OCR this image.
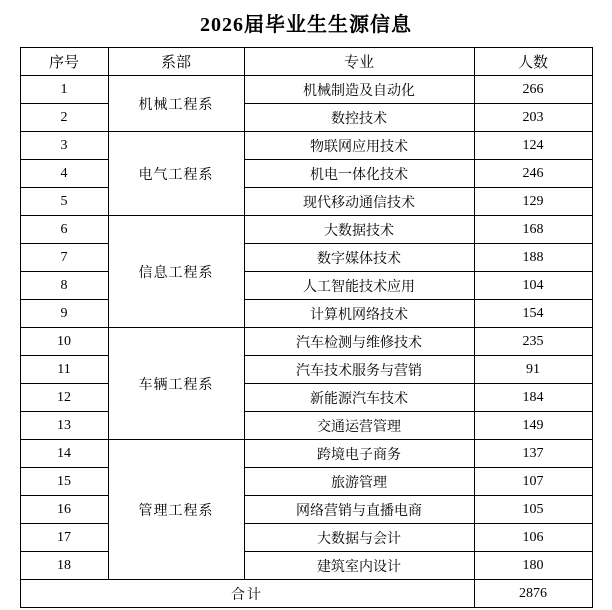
2026届毕业生生源信息
序号	系部	专业	人数
1	机械工程系	机械制造及自动化	266
2		数控技术	203
3	电气工程系	物联网应用技术	124
4		机电一体化技术	246
5		现代移动通信技术	129
6	信息工程系	大数据技术	168
7		数字媒体技术	188
8		人工智能技术应用	104
9		计算机网络技术	154
10	车辆工程系	汽车检测与维修技术	235
11		汽车技术服务与营销	91
12		新能源汽车技术	184
13		交通运营管理	149
14	管理工程系	跨境电子商务	137
15		旅游管理	107
16		网络营销与直播电商	105
17		大数据与会计	106
18		建筑室内设计	180
合计			2876
